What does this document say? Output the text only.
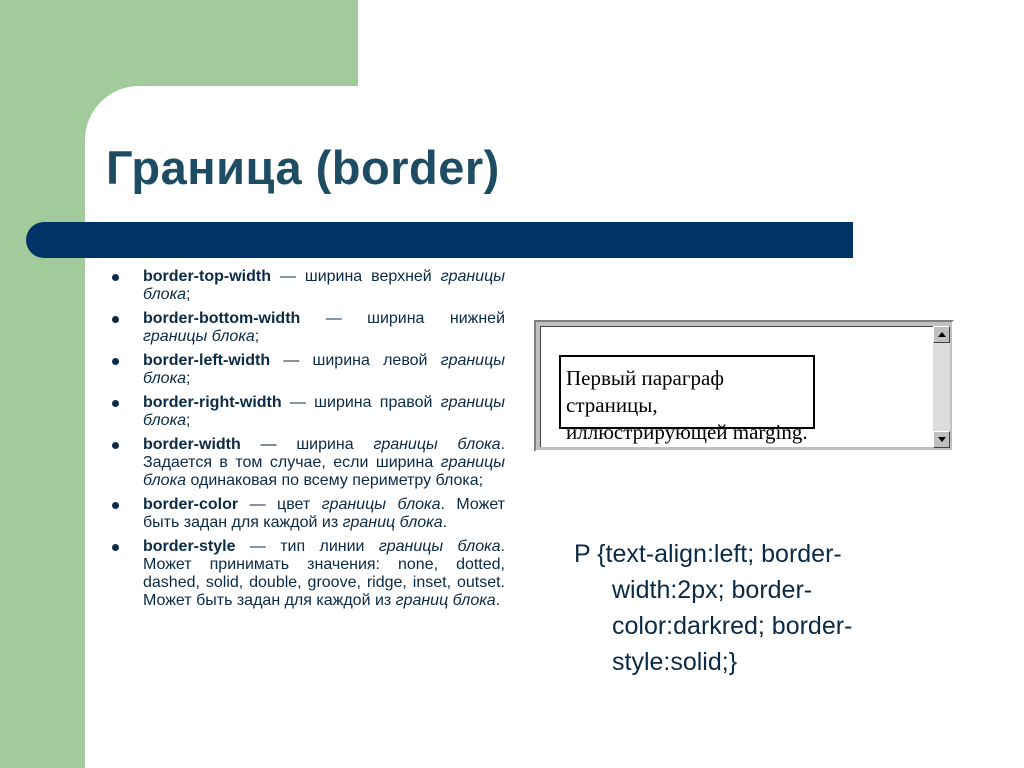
Граница (border)
border-top-width — ширина верхней границы блока;
border-bottom-width — ширина нижней границы блока;
border-left-width — ширина левой границы блока;
border-right-width — ширина правой границы блока;
border-width — ширина границы блока. Задается в том случае, если ширина границы блока одинаковая по всему периметру блока;
border-color — цвет границы блока. Может быть задан для каждой из границ блока.
border-style — тип линии границы блока. Может принимать значения: none, dotted, dashed, solid, double, groove, ridge, inset, outset. Может быть задан для каждой из границ блока.

Первый параграф страницы,
иллюстрирующей marging.

P {text-align:left; border-width:2px; border-color:darkred; border-style:solid;}
